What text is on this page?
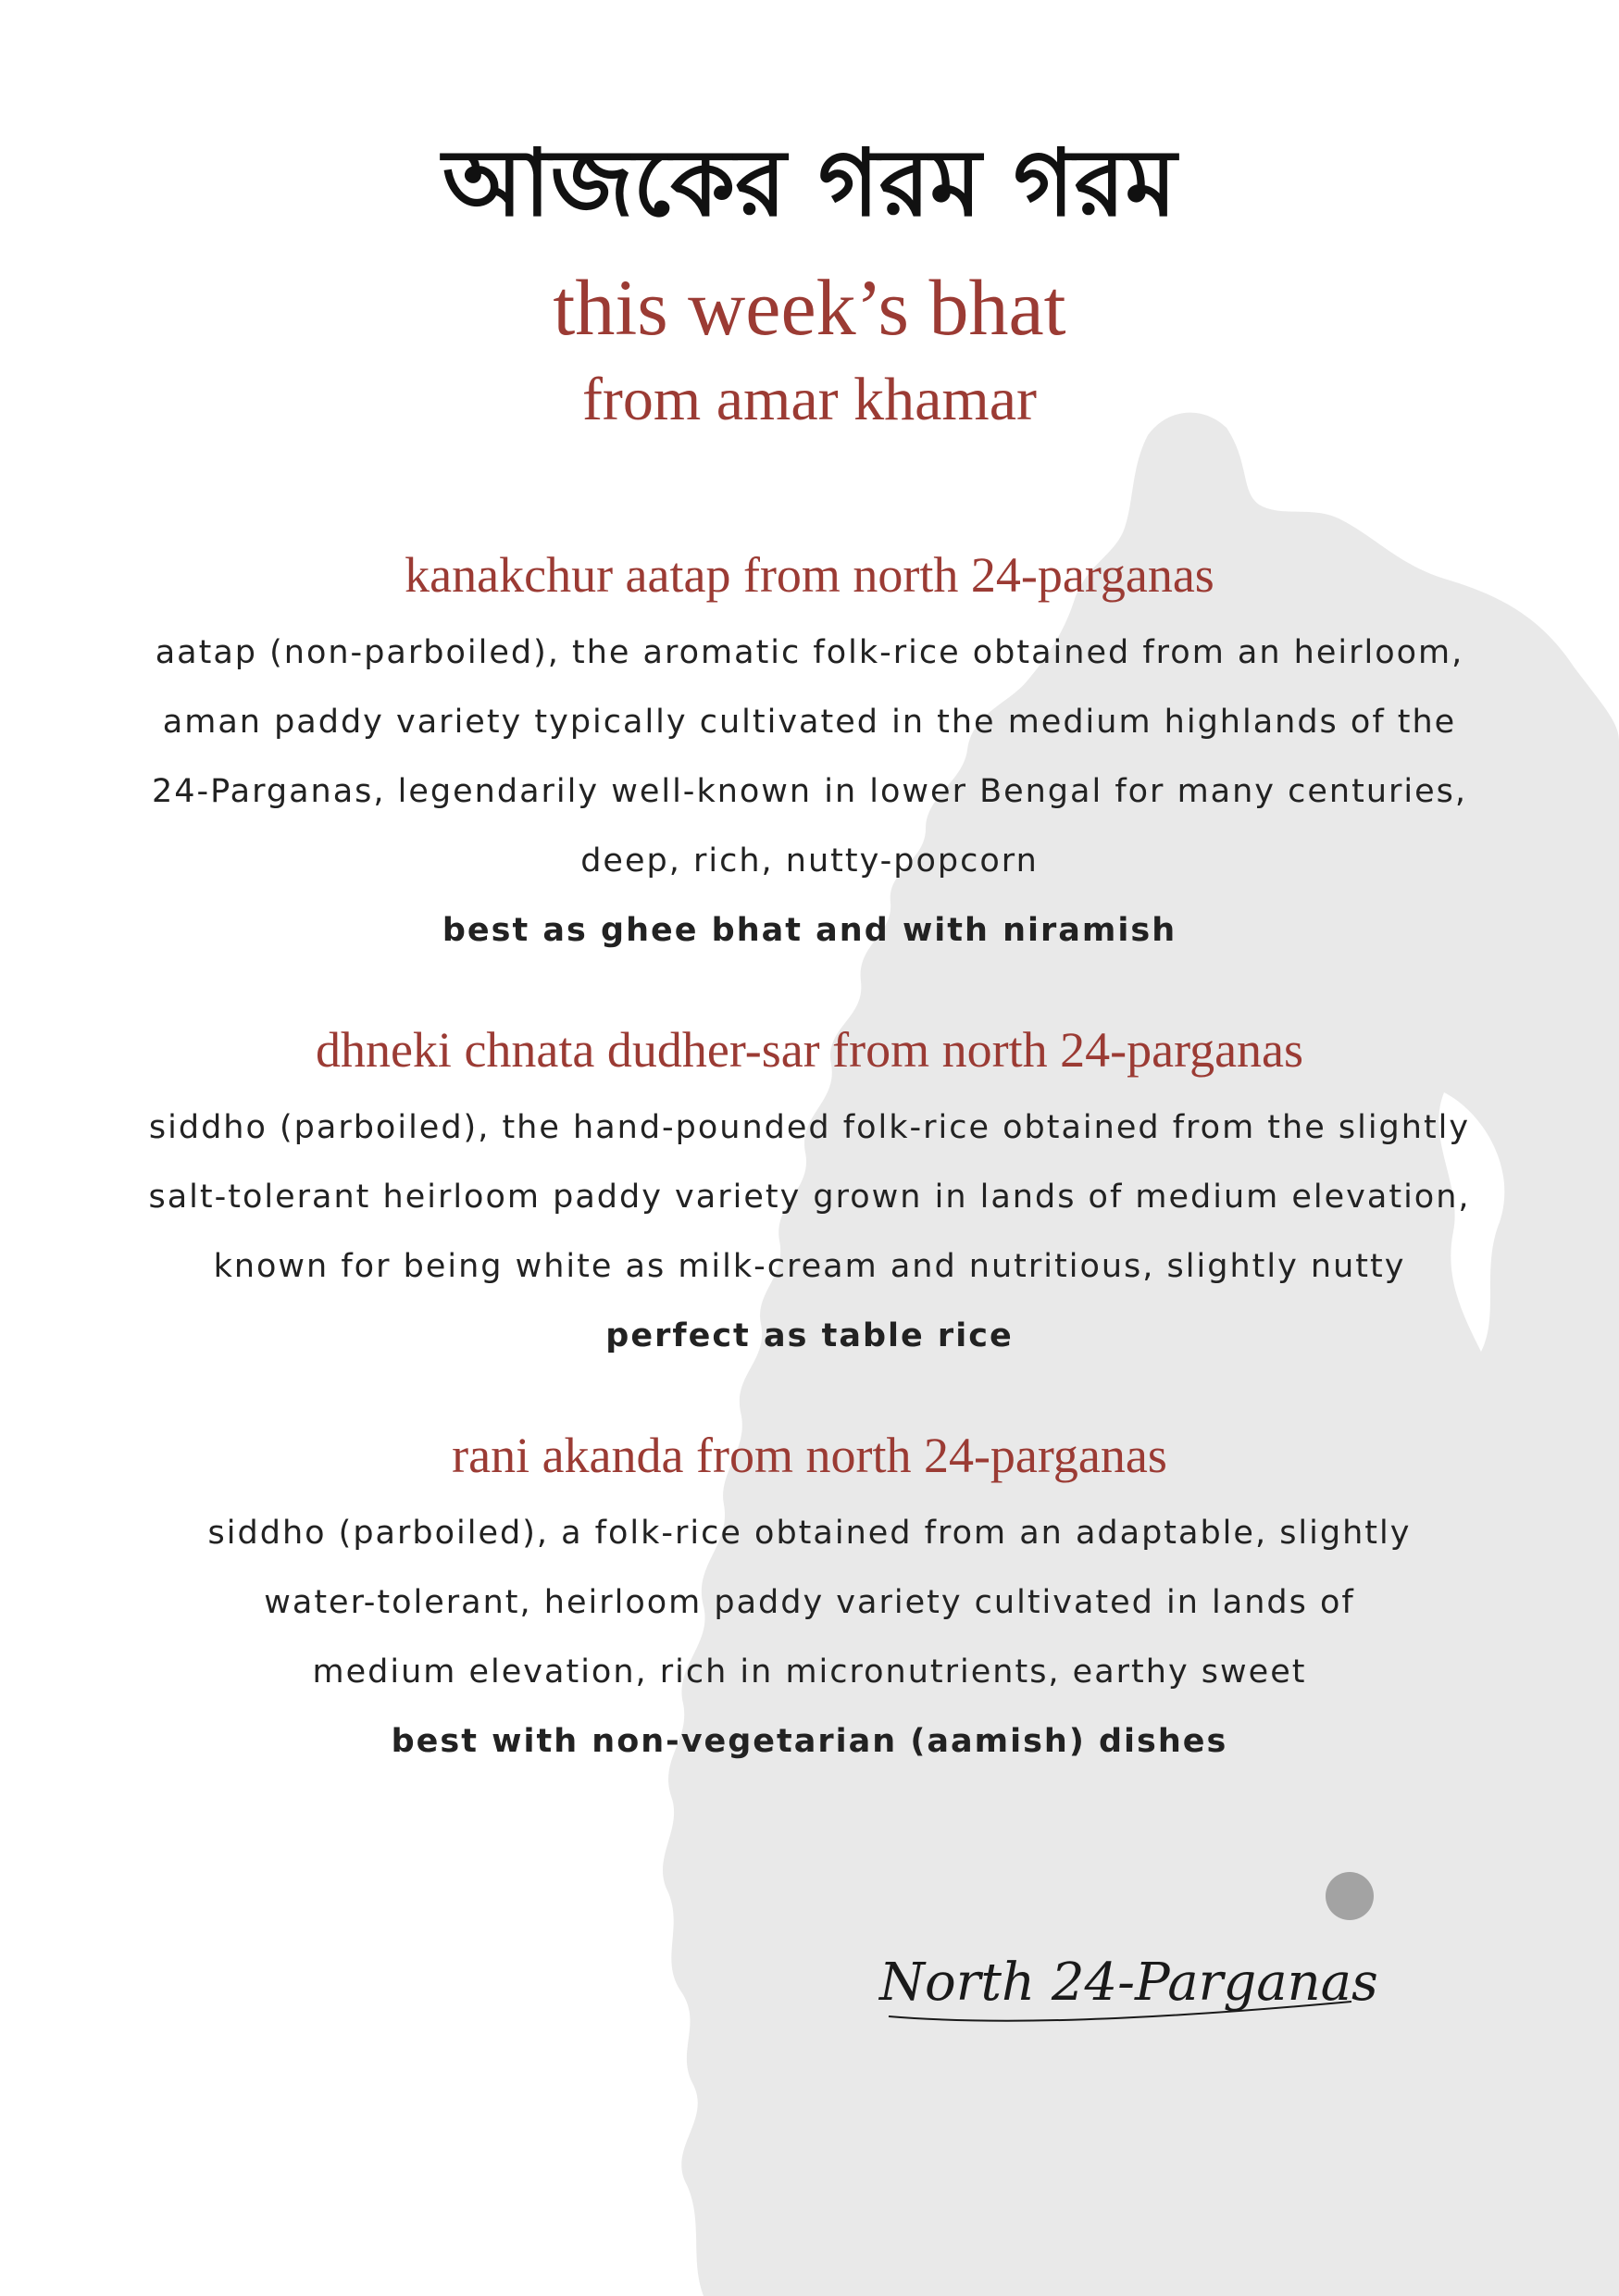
আজকের গরম গরম
this week’s bhat
from amar khamar
kanakchur aatap from north 24-parganas
aatap (non-parboiled), the aromatic folk-rice obtained from an heirloom,
aman paddy variety typically cultivated in the medium highlands of the
24-Parganas, legendarily well-known in lower Bengal for many centuries,
deep, rich, nutty-popcorn
best as ghee bhat and with niramish
dhneki chnata dudher-sar from north 24-parganas
siddho (parboiled), the hand-pounded folk-rice obtained from the slightly
salt-tolerant heirloom paddy variety grown in lands of medium elevation,
known for being white as milk-cream and nutritious, slightly nutty
perfect as table rice
rani akanda from north 24-parganas
siddho (parboiled), a folk-rice obtained from an adaptable, slightly
water-tolerant, heirloom paddy variety cultivated in lands of
medium elevation, rich in micronutrients, earthy sweet
best with non-vegetarian (aamish) dishes
North 24-Parganas
